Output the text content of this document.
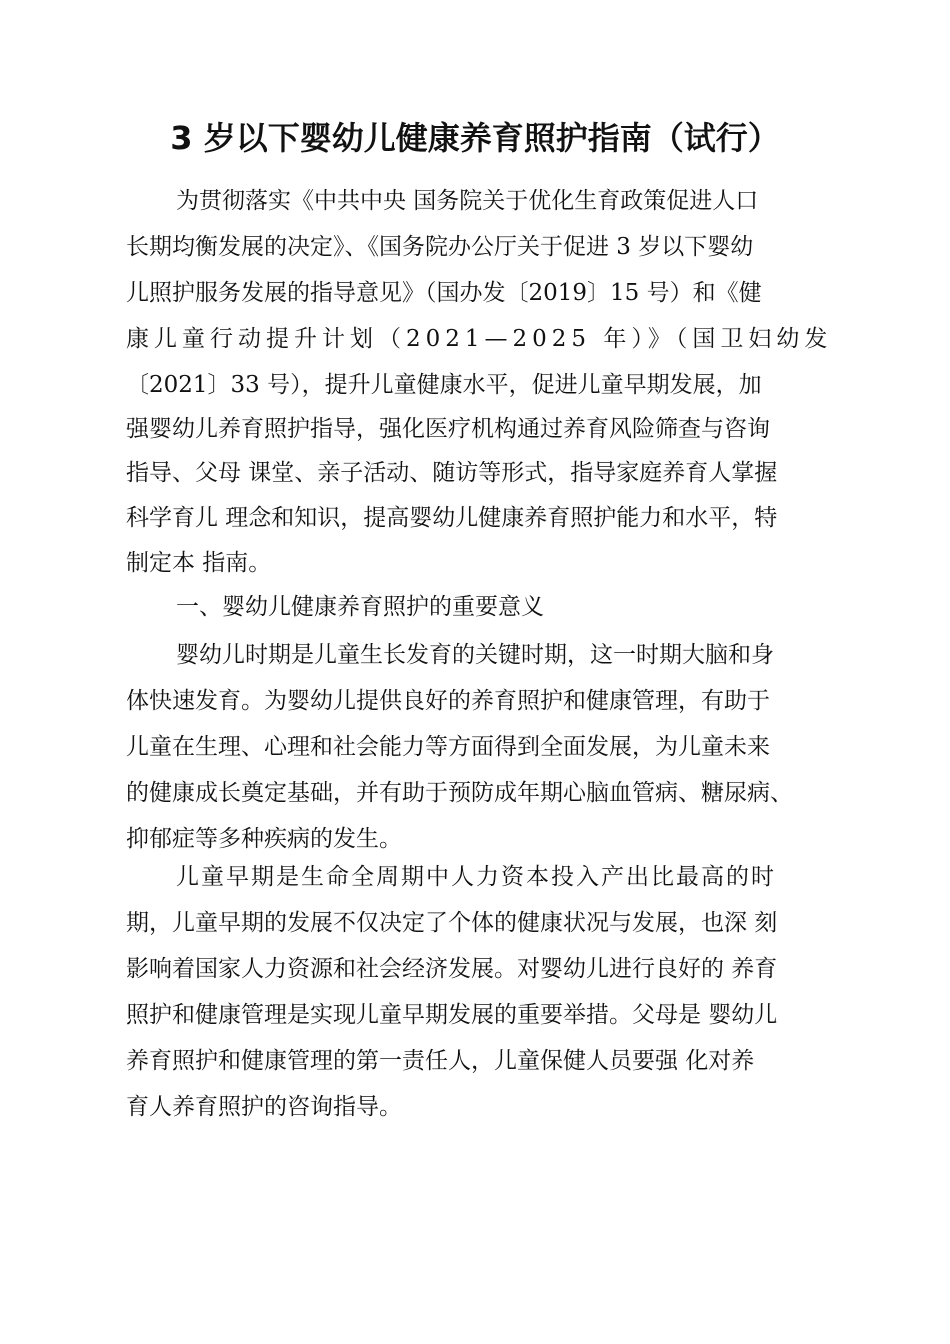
3 岁以下婴幼儿健康养育照护指南（试行）
为贯彻落实《中共中央 国务院关于优化生育政策促进人口
长期均衡发展的决定》、《国务院办公厅关于促进 3 岁以下婴幼
儿照护服务发展的指导意见》（国办发〔2019〕15 号）和《健
康儿童行动提升计划（2021—2025 年）》（国卫妇幼发
〔2021〕33 号），提升儿童健康水平，促进儿童早期发展，加
强婴幼儿养育照护指导，强化医疗机构通过养育风险筛查与咨询
指导、父母 课堂、亲子活动、随访等形式，指导家庭养育人掌握
科学育儿 理念和知识，提高婴幼儿健康养育照护能力和水平，特
制定本 指南。
一、婴幼儿健康养育照护的重要意义
婴幼儿时期是儿童生长发育的关键时期，这一时期大脑和身
体快速发育。为婴幼儿提供良好的养育照护和健康管理，有助于
儿童在生理、心理和社会能力等方面得到全面发展，为儿童未来
的健康成长奠定基础，并有助于预防成年期心脑血管病、糖尿病、
抑郁症等多种疾病的发生。
儿童早期是生命全周期中人力资本投入产出比最高的时
期，儿童早期的发展不仅决定了个体的健康状况与发展，也深 刻
影响着国家人力资源和社会经济发展。对婴幼儿进行良好的 养育
照护和健康管理是实现儿童早期发展的重要举措。父母是 婴幼儿
养育照护和健康管理的第一责任人，儿童保健人员要强 化对养
育人养育照护的咨询指导。
